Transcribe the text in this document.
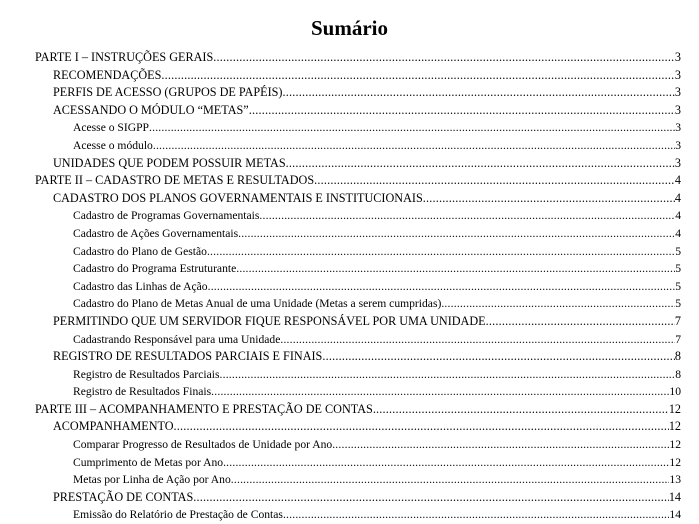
Sumário
PARTE I – INSTRUÇÕES GERAIS .....	3
RECOMENDAÇÕES .....	3
PERFIS DE ACESSO (GRUPOS DE PAPÉIS) .....	3
ACESSANDO O MÓDULO “METAS” .....	3
Acesse o SIGPP .....	3
Acesse o módulo .....	3
UNIDADES QUE PODEM POSSUIR METAS .....	3
PARTE II – CADASTRO DE METAS E RESULTADOS .....	4
CADASTRO DOS PLANOS GOVERNAMENTAIS E INSTITUCIONAIS .....	4
Cadastro de Programas Governamentais .....	4
Cadastro de Ações Governamentais .....	4
Cadastro do Plano de Gestão .....	5
Cadastro do Programa Estruturante .....	5
Cadastro das Linhas de Ação .....	5
Cadastro do Plano de Metas Anual de uma Unidade (Metas a serem cumpridas) .....	5
PERMITINDO QUE UM SERVIDOR FIQUE RESPONSÁVEL POR UMA UNIDADE .....	7
Cadastrando Responsável para uma Unidade .....	7
REGISTRO DE RESULTADOS PARCIAIS E FINAIS .....	8
Registro de Resultados Parciais .....	8
Registro de Resultados Finais .....	10
PARTE III – ACOMPANHAMENTO E PRESTAÇÃO DE CONTAS .....	12
ACOMPANHAMENTO .....	12
Comparar Progresso de Resultados de Unidade por Ano .....	12
Cumprimento de Metas por Ano .....	12
Metas por Linha de Ação por Ano .....	13
PRESTAÇÃO DE CONTAS .....	14
Emissão do Relatório de Prestação de Contas .....	14
